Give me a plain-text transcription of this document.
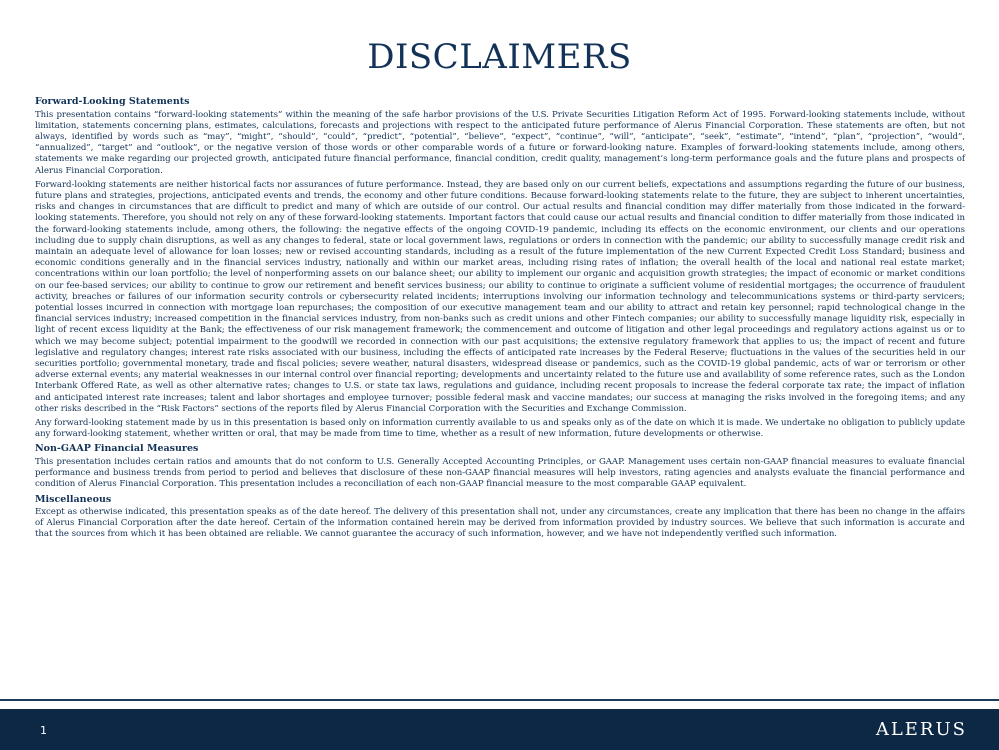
DISCLAIMERS
Forward-Looking Statements

This presentation contains “forward-looking statements” within the meaning of the safe harbor provisions of the U.S. Private Securities Litigation Reform Act of 1995. Forward-looking statements include, without limitation, statements concerning plans, estimates, calculations, forecasts and projections with respect to the anticipated future performance of Alerus Financial Corporation. These statements are often, but not always, identified by words such as “may”, “might”, “should”, “could”, “predict”, “potential”, “believe”, “expect”, “continue”, “will”, “anticipate”, “seek”, “estimate”, “intend”, “plan”, “projection”, “would”, “annualized”, “target” and “outlook”, or the negative version of those words or other comparable words of a future or forward-looking nature. Examples of forward-looking statements include, among others, statements we make regarding our projected growth, anticipated future financial performance, financial condition, credit quality, management’s long-term performance goals and the future plans and prospects of Alerus Financial Corporation.

Forward-looking statements are neither historical facts nor assurances of future performance. Instead, they are based only on our current beliefs, expectations and assumptions regarding the future of our business, future plans and strategies, projections, anticipated events and trends, the economy and other future conditions. Because forward-looking statements relate to the future, they are subject to inherent uncertainties, risks and changes in circumstances that are difficult to predict and many of which are outside of our control. Our actual results and financial condition may differ materially from those indicated in the forward-looking statements. Therefore, you should not rely on any of these forward-looking statements. Important factors that could cause our actual results and financial condition to differ materially from those indicated in the forward-looking statements include, among others, the following: the negative effects of the ongoing COVID-19 pandemic, including its effects on the economic environment, our clients and our operations including due to supply chain disruptions, as well as any changes to federal, state or local government laws, regulations or orders in connection with the pandemic; our ability to successfully manage credit risk and maintain an adequate level of allowance for loan losses; new or revised accounting standards, including as a result of the future implementation of the new Current Expected Credit Loss Standard; business and economic conditions generally and in the financial services industry, nationally and within our market areas, including rising rates of inflation; the overall health of the local and national real estate market; concentrations within our loan portfolio; the level of nonperforming assets on our balance sheet; our ability to implement our organic and acquisition growth strategies; the impact of economic or market conditions on our fee-based services; our ability to continue to grow our retirement and benefit services business; our ability to continue to originate a sufficient volume of residential mortgages; the occurrence of fraudulent activity, breaches or failures of our information security controls or cybersecurity related incidents; interruptions involving our information technology and telecommunications systems or third-party servicers; potential losses incurred in connection with mortgage loan repurchases; the composition of our executive management team and our ability to attract and retain key personnel; rapid technological change in the financial services industry; increased competition in the financial services industry, from non-banks such as credit unions and other Fintech companies; our ability to successfully manage liquidity risk, especially in light of recent excess liquidity at the Bank; the effectiveness of our risk management framework; the commencement and outcome of litigation and other legal proceedings and regulatory actions against us or to which we may become subject; potential impairment to the goodwill we recorded in connection with our past acquisitions; the extensive regulatory framework that applies to us; the impact of recent and future legislative and regulatory changes; interest rate risks associated with our business, including the effects of anticipated rate increases by the Federal Reserve; fluctuations in the values of the securities held in our securities portfolio; governmental monetary, trade and fiscal policies; severe weather, natural disasters, widespread disease or pandemics, such as the COVID-19 global pandemic, acts of war or terrorism or other adverse external events; any material weaknesses in our internal control over financial reporting; developments and uncertainty related to the future use and availability of some reference rates, such as the London Interbank Offered Rate, as well as other alternative rates; changes to U.S. or state tax laws, regulations and guidance, including recent proposals to increase the federal corporate tax rate; the impact of inflation and anticipated interest rate increases; talent and labor shortages and employee turnover; possible federal mask and vaccine mandates; our success at managing the risks involved in the foregoing items; and any other risks described in the “Risk Factors” sections of the reports filed by Alerus Financial Corporation with the Securities and Exchange Commission.

Any forward-looking statement made by us in this presentation is based only on information currently available to us and speaks only as of the date on which it is made. We undertake no obligation to publicly update any forward-looking statement, whether written or oral, that may be made from time to time, whether as a result of new information, future developments or otherwise.

Non-GAAP Financial Measures

This presentation includes certain ratios and amounts that do not conform to U.S. Generally Accepted Accounting Principles, or GAAP. Management uses certain non-GAAP financial measures to evaluate financial performance and business trends from period to period and believes that disclosure of these non-GAAP financial measures will help investors, rating agencies and analysts evaluate the financial performance and condition of Alerus Financial Corporation. This presentation includes a reconciliation of each non-GAAP financial measure to the most comparable GAAP equivalent.

Miscellaneous

Except as otherwise indicated, this presentation speaks as of the date hereof. The delivery of this presentation shall not, under any circumstances, create any implication that there has been no change in the affairs of Alerus Financial Corporation after the date hereof. Certain of the information contained herein may be derived from information provided by industry sources. We believe that such information is accurate and that the sources from which it has been obtained are reliable. We cannot guarantee the accuracy of such information, however, and we have not independently verified such information.

1	ALERUS
